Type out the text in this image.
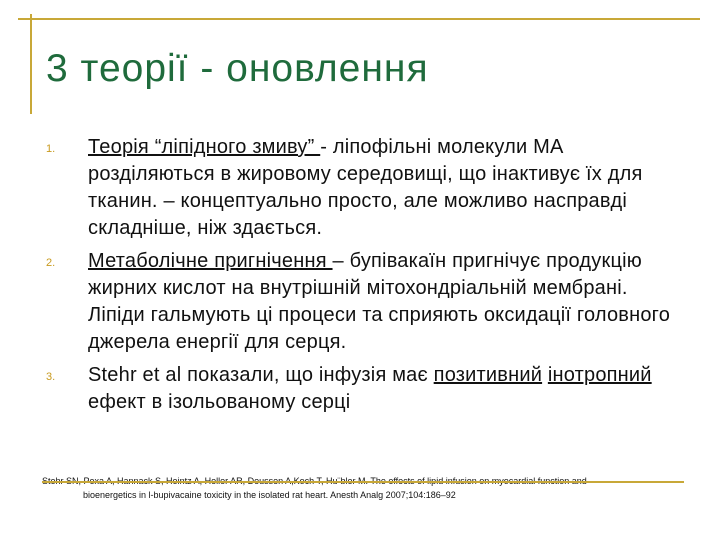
3 теорії - оновлення
1. Теорія “ліпідного змиву” - ліпофільні молекули МА розділяються в жировому середовищі, що інактивує їх для тканин. – концептуально просто, але можливо насправді складніше, ніж здається.
2. Метаболічне пригнічення – бупівакаїн пригнічує продукцію жирних кислот на внутрішній мітохондріальній мембрані. Ліпіди гальмують ці процеси та сприяють оксидації головного джерела енергії для серця.
3. Stehr et al показали, що інфузія має позитивний інотропний ефект в ізольованому серці
bioenergetics in l-bupivacaine toxicity in the isolated rat heart. Anesth Analg 2007;104:186–92
